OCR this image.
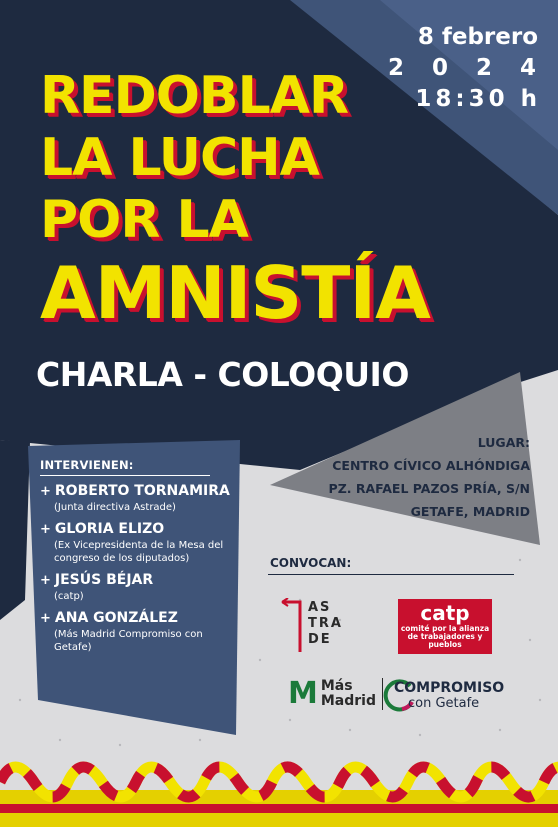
8 febrero
2 0 2 4
18:30 h
REDOBLAR
LA LUCHA
POR LA
AMNISTÍA
CHARLA - COLOQUIO
INTERVIENEN:
+ ROBERTO TORNAMIRA
(Junta directiva Astrade)
+ GLORIA ELIZO
(Ex Vicepresidenta de la Mesa del congreso de los diputados)
+ JESÚS BÉJAR
(catp)
+ ANA GONZÁLEZ
(Más Madrid Compromiso con Getafe)
LUGAR:
CENTRO CÍVICO ALHÓNDIGA
PZ. RAFAEL PAZOS PRÍA, S/N
GETAFE, MADRID
CONVOCAN:
AS
TRA
DE
catp
comité por la alianza de trabajadores y pueblos
M Más
Madrid
COMPROMISO
con Getafe
